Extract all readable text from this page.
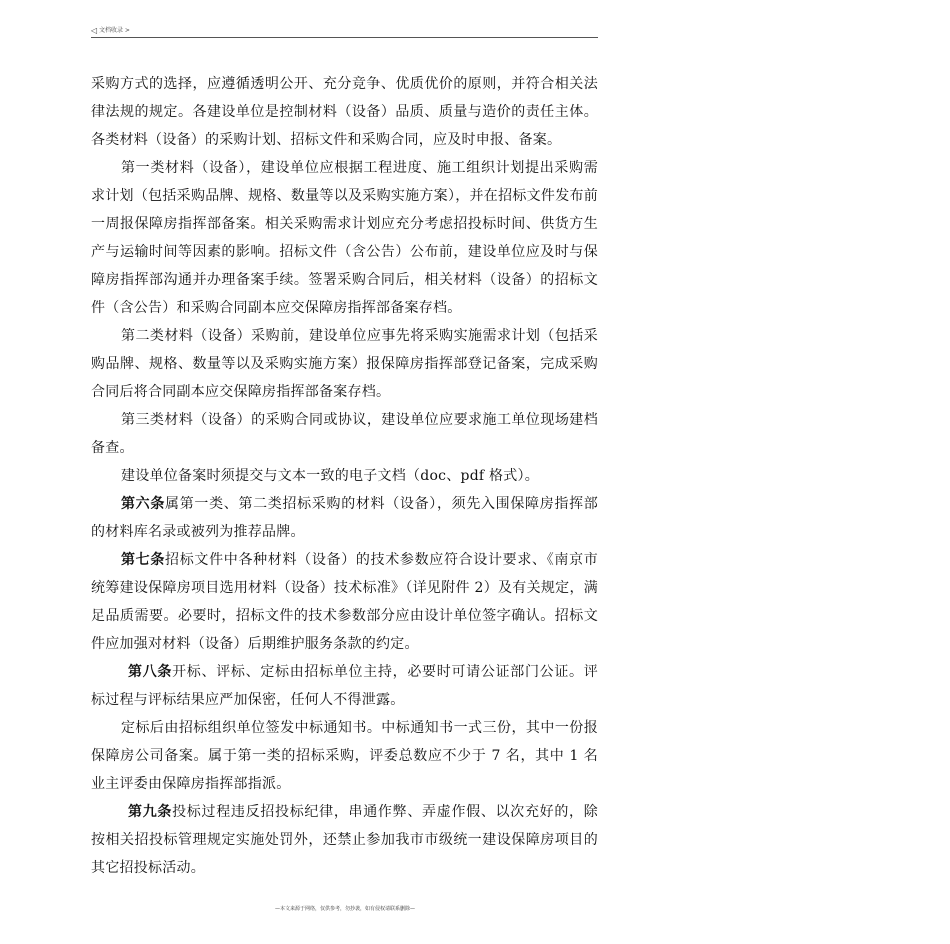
◁ 文档收录 >

采购方式的选择，应遵循透明公开、充分竞争、优质优价的原则，并符合相关法律法规的规定。各建设单位是控制材料（设备）品质、质量与造价的责任主体。各类材料（设备）的采购计划、招标文件和采购合同，应及时申报、备案。

第一类材料（设备），建设单位应根据工程进度、施工组织计划提出采购需求计划（包括采购品牌、规格、数量等以及采购实施方案），并在招标文件发布前一周报保障房指挥部备案。相关采购需求计划应充分考虑招投标时间、供货方生产与运输时间等因素的影响。招标文件（含公告）公布前，建设单位应及时与保障房指挥部沟通并办理备案手续。签署采购合同后，相关材料（设备）的招标文件（含公告）和采购合同副本应交保障房指挥部备案存档。

第二类材料（设备）采购前，建设单位应事先将采购实施需求计划（包括采购品牌、规格、数量等以及采购实施方案）报保障房指挥部登记备案，完成采购合同后将合同副本应交保障房指挥部备案存档。

第三类材料（设备）的采购合同或协议，建设单位应要求施工单位现场建档备查。

建设单位备案时须提交与文本一致的电子文档（doc、pdf 格式）。

第六条属第一类、第二类招标采购的材料（设备），须先入围保障房指挥部的材料库名录或被列为推荐品牌。

第七条招标文件中各种材料（设备）的技术参数应符合设计要求、《南京市统筹建设保障房项目选用材料（设备）技术标准》（详见附件 2）及有关规定，满足品质需要。必要时，招标文件的技术参数部分应由设计单位签字确认。招标文件应加强对材料（设备）后期维护服务条款的约定。

第八条开标、评标、定标由招标单位主持，必要时可请公证部门公证。评标过程与评标结果应严加保密，任何人不得泄露。

定标后由招标组织单位签发中标通知书。中标通知书一式三份，其中一份报保障房公司备案。属于第一类的招标采购，评委总数应不少于 7 名，其中 1 名业主评委由保障房指挥部指派。

第九条投标过程违反招投标纪律，串通作弊、弄虚作假、以次充好的，除按相关招投标管理规定实施处罚外，还禁止参加我市市级统一建设保障房项目的其它招投标活动。

—本文来源于网络，仅供参考，勿抄袭，如有侵权请联系删除—
